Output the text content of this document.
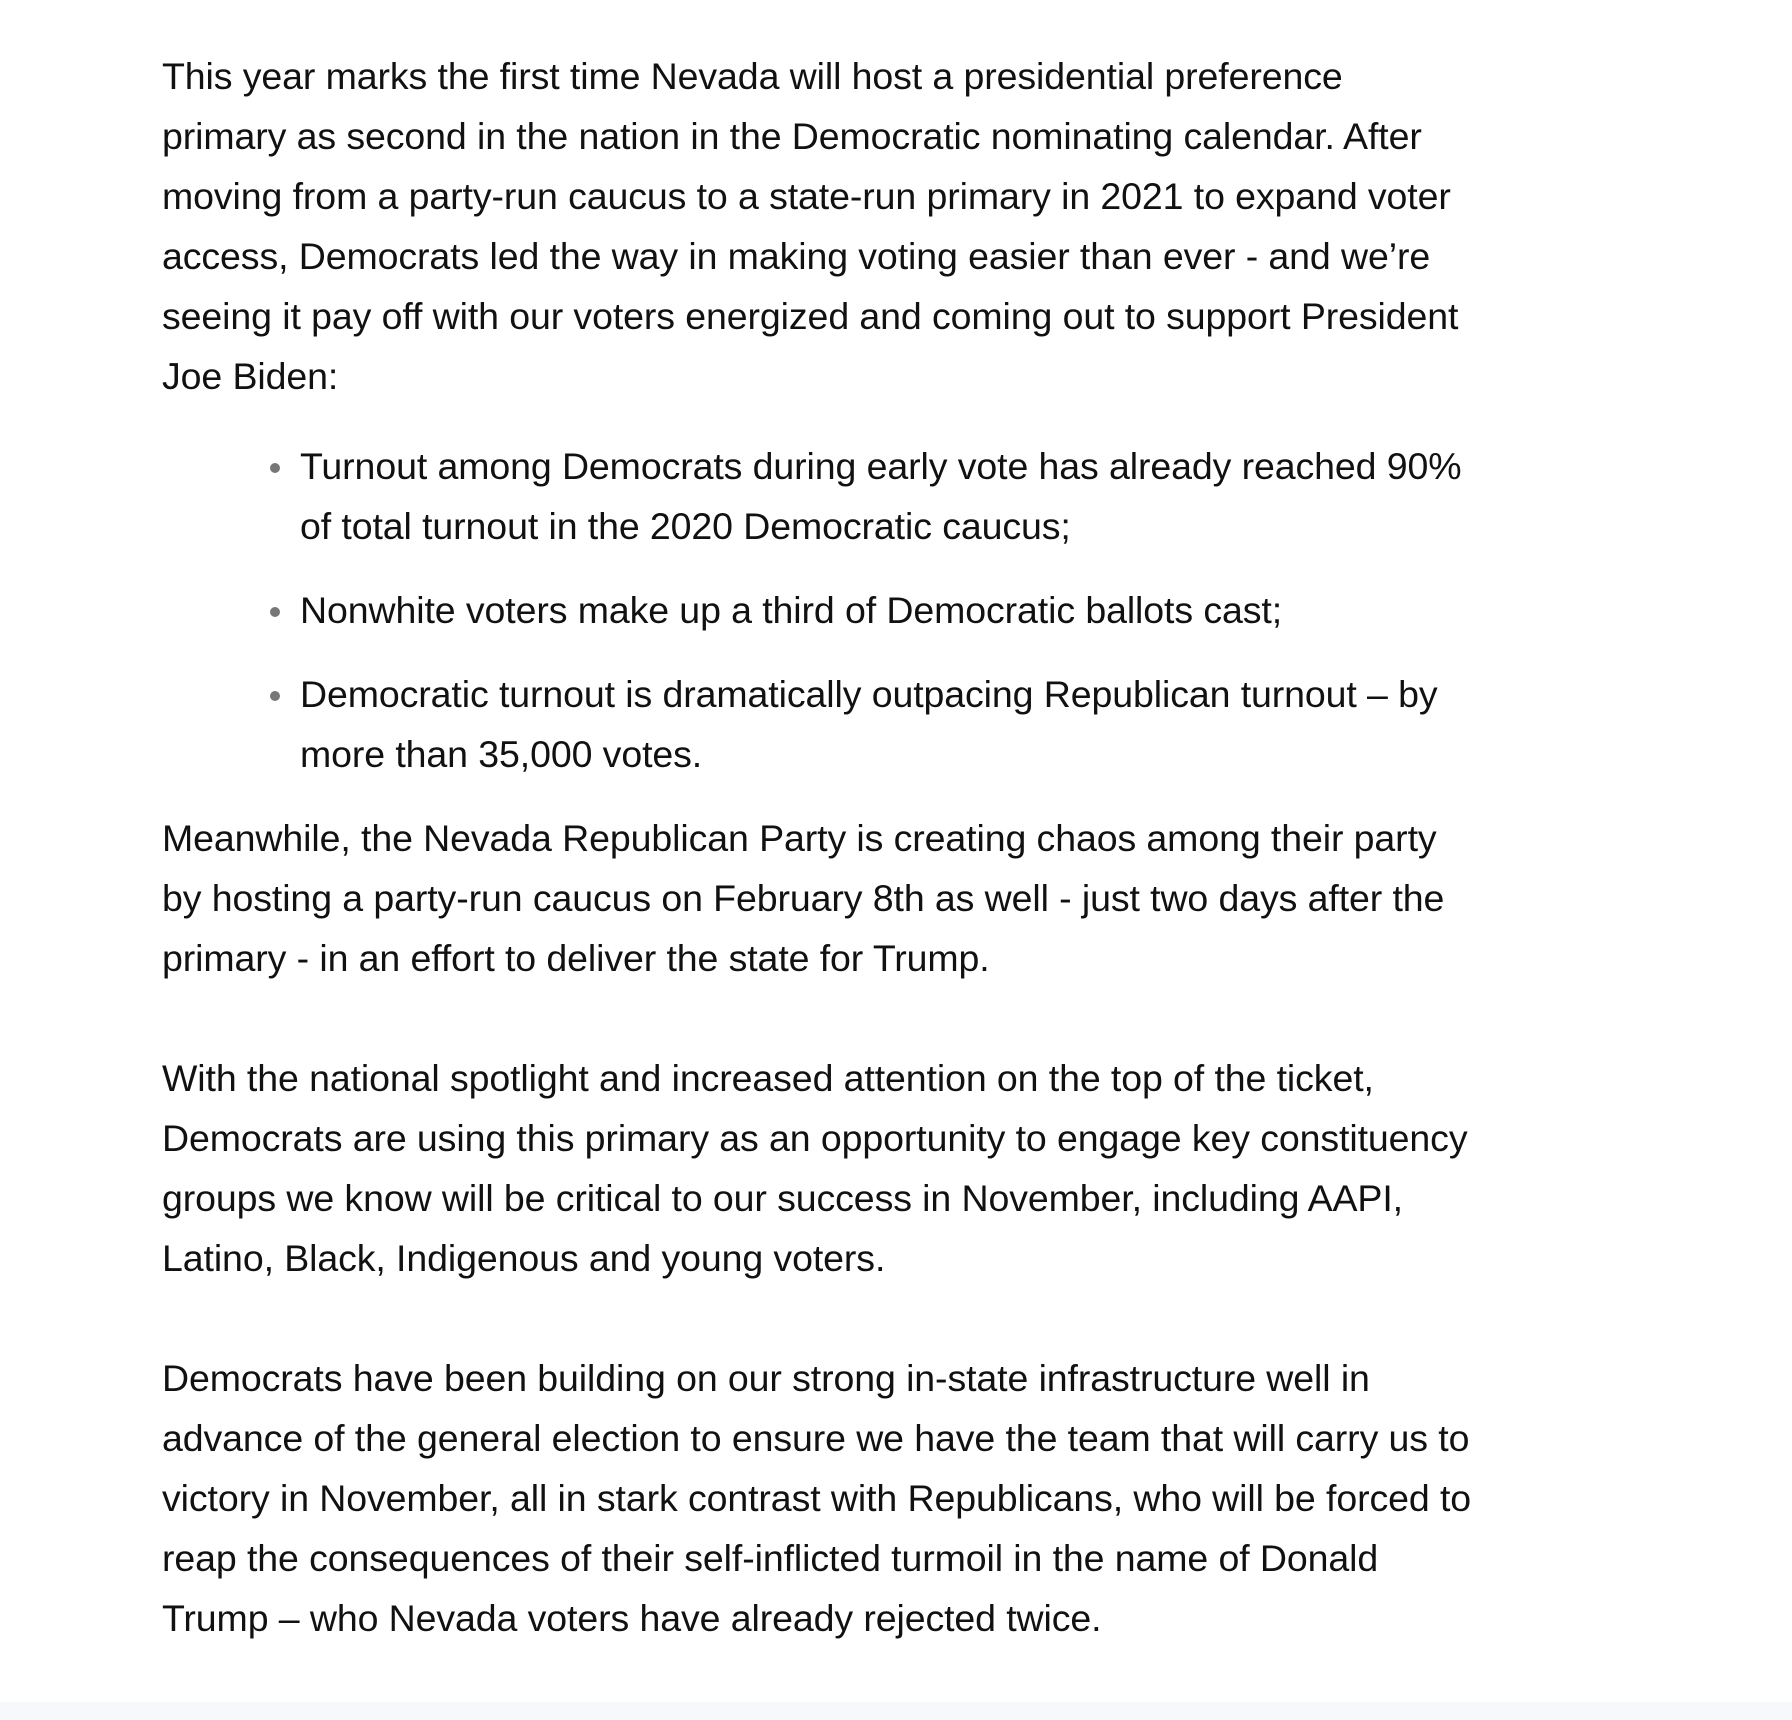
This year marks the first time Nevada will host a presidential preference
primary as second in the nation in the Democratic nominating calendar. After
moving from a party-run caucus to a state-run primary in 2021 to expand voter
access, Democrats led the way in making voting easier than ever - and we’re
seeing it pay off with our voters energized and coming out to support President
Joe Biden:

Turnout among Democrats during early vote has already reached 90%
of total turnout in the 2020 Democratic caucus;
Nonwhite voters make up a third of Democratic ballots cast;
Democratic turnout is dramatically outpacing Republican turnout – by
more than 35,000 votes.

Meanwhile, the Nevada Republican Party is creating chaos among their party
by hosting a party-run caucus on February 8th as well - just two days after the
primary - in an effort to deliver the state for Trump.

With the national spotlight and increased attention on the top of the ticket,
Democrats are using this primary as an opportunity to engage key constituency
groups we know will be critical to our success in November, including AAPI,
Latino, Black, Indigenous and young voters.

Democrats have been building on our strong in-state infrastructure well in
advance of the general election to ensure we have the team that will carry us to
victory in November, all in stark contrast with Republicans, who will be forced to
reap the consequences of their self-inflicted turmoil in the name of Donald
Trump – who Nevada voters have already rejected twice.
